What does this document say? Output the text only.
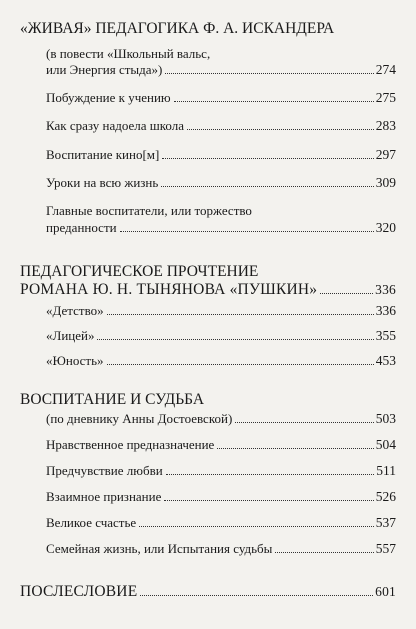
«ЖИВАЯ» ПЕДАГОГИКА Ф. А. ИСКАНДЕРА
(в повести «Школьный вальс,
или Энергия стыда»)	274
Побуждение к учению	275
Как сразу надоела школа	283
Воспитание кино[м]	297
Уроки на всю жизнь	309
Главные воспитатели, или торжество
преданности	320
ПЕДАГОГИЧЕСКОЕ ПРОЧТЕНИЕ
РОМАНА Ю. Н. ТЫНЯНОВА «ПУШКИН»	336
«Детство»	336
«Лицей»	355
«Юность»	453
ВОСПИТАНИЕ И СУДЬБА
(по дневнику Анны Достоевской)	503
Нравственное предназначение	504
Предчувствие любви	511
Взаимное признание	526
Великое счастье	537
Семейная жизнь, или Испытания судьбы	557
ПОСЛЕСЛОВИЕ	601
